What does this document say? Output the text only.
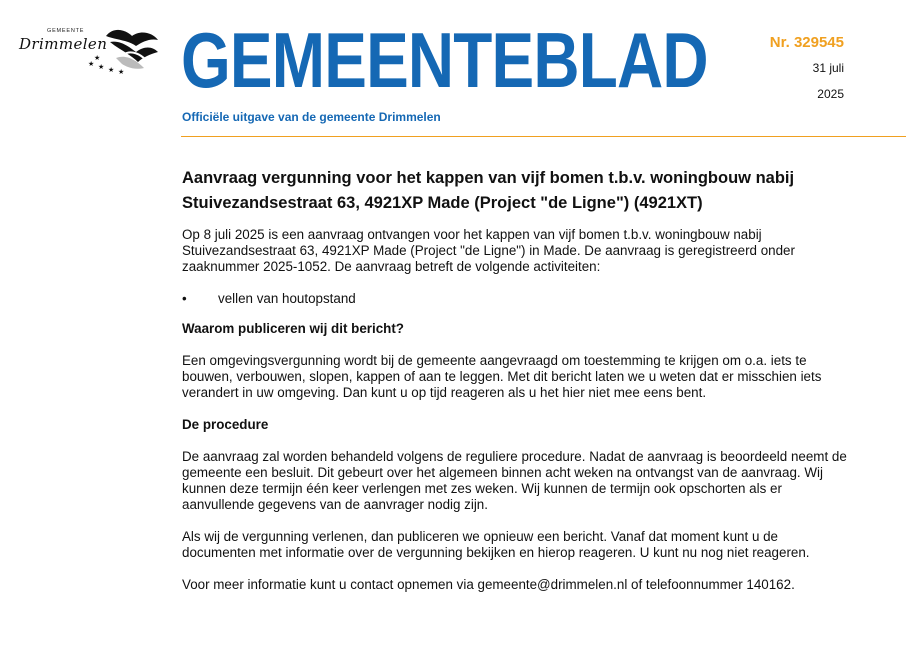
GEMEENTE
Drimmelen
★
★ ★ ★ ★ GEMEENTEBLAD	Nr. 329545
31 juli
2025
Officiële uitgave van de gemeente Drimmelen
Aanvraag vergunning voor het kappen van vijf bomen t.b.v. woningbouw nabij Stuivezandsestraat 63, 4921XP Made (Project "de Ligne") (4921XT)

Op 8 juli 2025 is een aanvraag ontvangen voor het kappen van vijf bomen t.b.v. woningbouw nabij Stuivezandsestraat 63, 4921XP Made (Project "de Ligne") in Made. De aanvraag is geregistreerd onder zaaknummer 2025-1052. De aanvraag betreft de volgende activiteiten:

• vellen van houtopstand
Waarom publiceren wij dit bericht?

Een omgevingsvergunning wordt bij de gemeente aangevraagd om toestemming te krijgen om o.a. iets te bouwen, verbouwen, slopen, kappen of aan te leggen. Met dit bericht laten we u weten dat er misschien iets verandert in uw omgeving. Dan kunt u op tijd reageren als u het hier niet mee eens bent.

De procedure

De aanvraag zal worden behandeld volgens de reguliere procedure. Nadat de aanvraag is beoordeeld neemt de gemeente een besluit. Dit gebeurt over het algemeen binnen acht weken na ontvangst van de aanvraag. Wij kunnen deze termijn één keer verlengen met zes weken. Wij kunnen de termijn ook opschorten als er aanvullende gegevens van de aanvrager nodig zijn.

Als wij de vergunning verlenen, dan publiceren we opnieuw een bericht. Vanaf dat moment kunt u de documenten met informatie over de vergunning bekijken en hierop reageren. U kunt nu nog niet reageren.

Voor meer informatie kunt u contact opnemen via gemeente@drimmelen.nl of telefoonnummer 140162.
